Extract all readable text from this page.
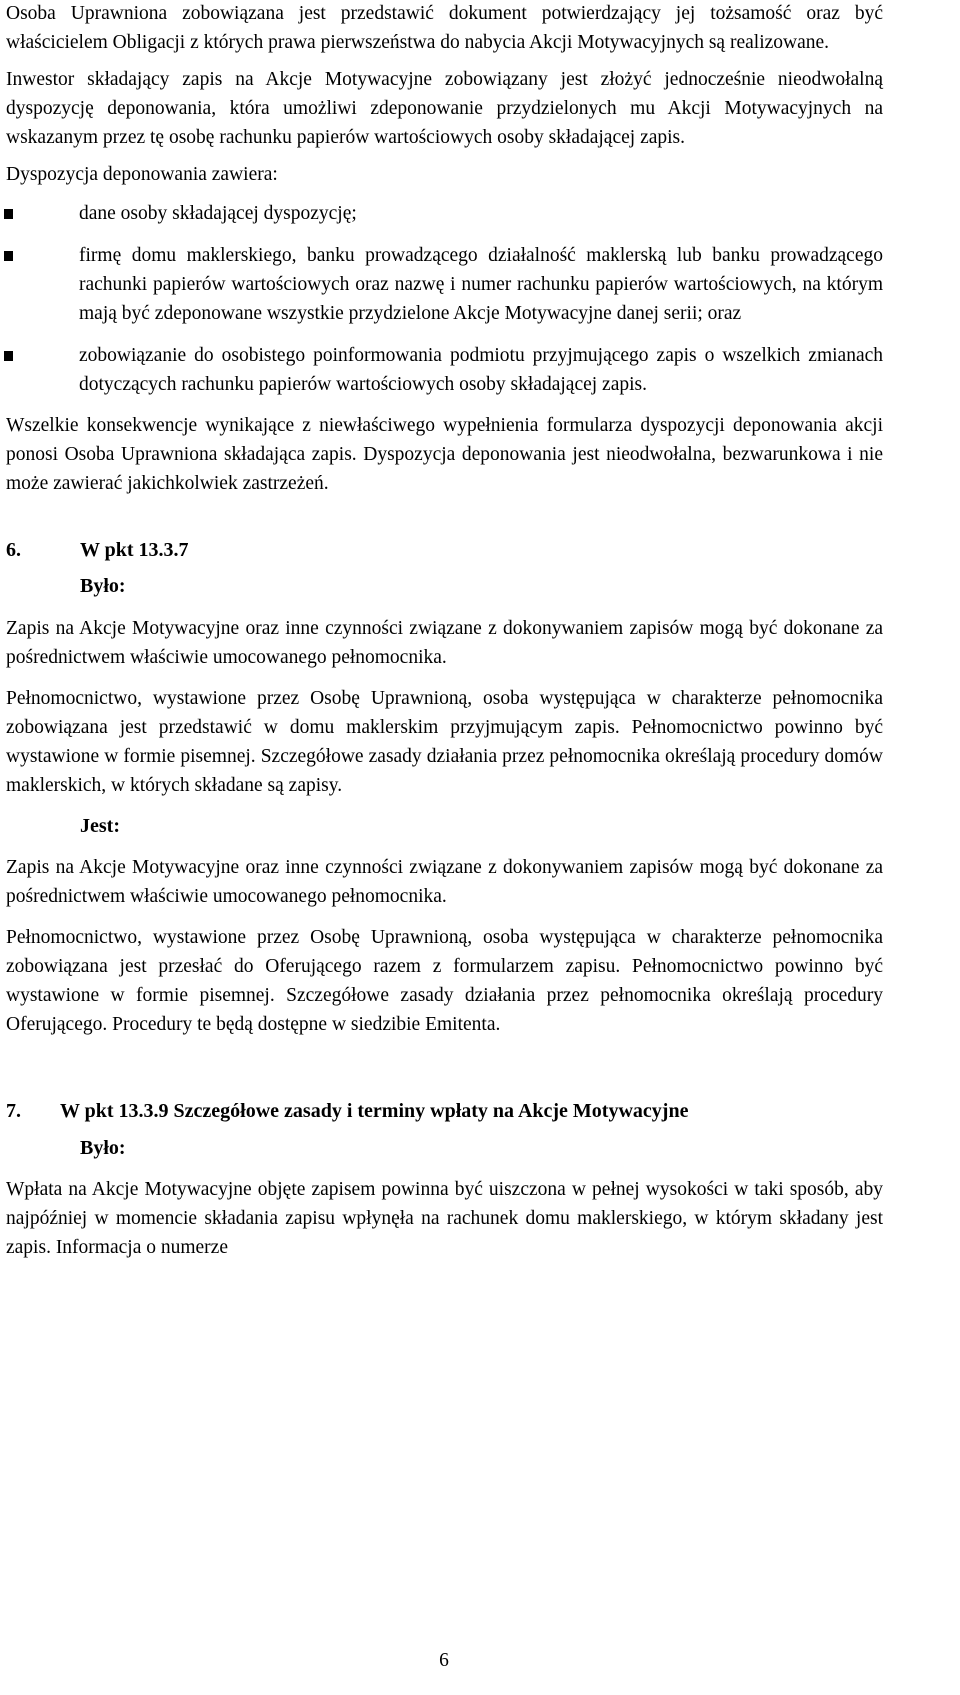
Osoba Uprawniona zobowiązana jest przedstawić dokument potwierdzający jej tożsamość oraz być właścicielem Obligacji z których prawa pierwszeństwa do nabycia Akcji Motywacyjnych są realizowane.

Inwestor składający zapis na Akcje Motywacyjne zobowiązany jest złożyć jednocześnie nieodwołalną dyspozycję deponowania, która umożliwi zdeponowanie przydzielonych mu Akcji Motywacyjnych na wskazanym przez tę osobę rachunku papierów wartościowych osoby składającej zapis.

Dyspozycja deponowania zawiera:

dane osoby składającej dyspozycję;

firmę domu maklerskiego, banku prowadzącego działalność maklerską lub banku prowadzącego rachunki papierów wartościowych oraz nazwę i numer rachunku papierów wartościowych, na którym mają być zdeponowane wszystkie przydzielone Akcje Motywacyjne danej serii; oraz

zobowiązanie do osobistego poinformowania podmiotu przyjmującego zapis o wszelkich zmianach dotyczących rachunku papierów wartościowych osoby składającej zapis.

Wszelkie konsekwencje wynikające z niewłaściwego wypełnienia formularza dyspozycji deponowania akcji ponosi Osoba Uprawniona składająca zapis. Dyspozycja deponowania jest nieodwołalna, bezwarunkowa i nie może zawierać jakichkolwiek zastrzeżeń.

6.	W pkt 13.3.7
Było:

Zapis na Akcje Motywacyjne oraz inne czynności związane z dokonywaniem zapisów mogą być dokonane za pośrednictwem właściwie umocowanego pełnomocnika.

Pełnomocnictwo, wystawione przez Osobę Uprawnioną, osoba występująca w charakterze pełnomocnika zobowiązana jest przedstawić w domu maklerskim przyjmującym zapis. Pełnomocnictwo powinno być wystawione w formie pisemnej. Szczegółowe zasady działania przez pełnomocnika określają procedury domów maklerskich, w których składane są zapisy.

Jest:

Zapis na Akcje Motywacyjne oraz inne czynności związane z dokonywaniem zapisów mogą być dokonane za pośrednictwem właściwie umocowanego pełnomocnika.

Pełnomocnictwo, wystawione przez Osobę Uprawnioną, osoba występująca w charakterze pełnomocnika zobowiązana jest przesłać do Oferującego razem z formularzem zapisu. Pełnomocnictwo powinno być wystawione w formie pisemnej. Szczegółowe zasady działania przez pełnomocnika określają procedury Oferującego. Procedury te będą dostępne w siedzibie Emitenta.

7.	W pkt 13.3.9 Szczegółowe zasady i terminy wpłaty na Akcje Motywacyjne
Było:

Wpłata na Akcje Motywacyjne objęte zapisem powinna być uiszczona w pełnej wysokości w taki sposób, aby najpóźniej w momencie składania zapisu wpłynęła na rachunek domu maklerskiego, w którym składany jest zapis. Informacja o numerze

6
